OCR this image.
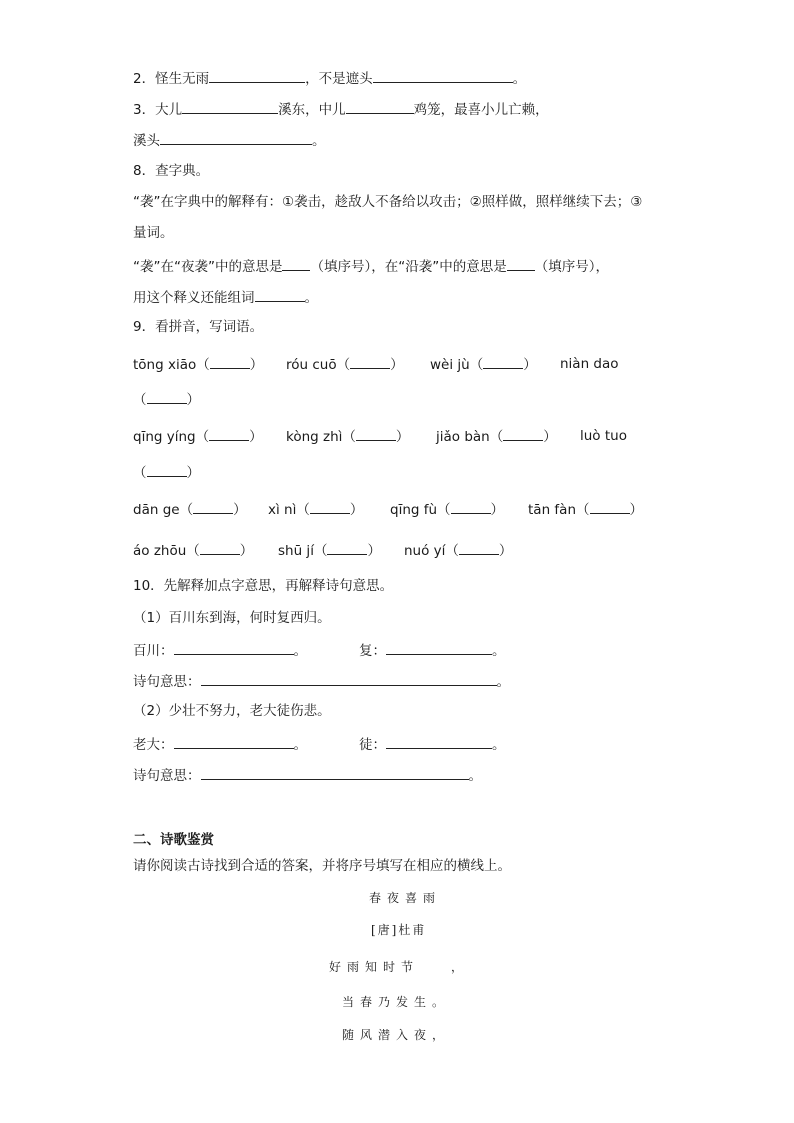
2．怪生无雨	，不是遮头	。
3．大儿	溪东，中儿	鸡笼，最喜小儿亡赖，
溪头	。
8．查字典。
“袭”在字典中的解释有：①袭击，趁敌人不备给以攻击；②照样做，照样继续下去；③
量词。
“袭”在“夜袭”中的意思是 （填序号），在“沿袭”中的意思是 （填序号），
用这个释义还能组词	。
9．看拼音，写词语。
tōng xiāo（	） róu cuō（	） wèi jù（	） niàn dao
（	）
qīng yíng（	） kòng zhì（	） jiǎo bàn（	） luò tuo
（	）
dān ge（	） xì nì（	） qīng fù（	） tān fàn（	）
áo zhōu（	） shū jí（	） nuó yí（	）
10．先解释加点字意思，再解释诗句意思。
（1）百川东到海，何时复西归。
百川：	。	复：	。
诗句意思：	。
（2）少壮不努力，老大徒伤悲。
老大：	。	徒：	。
诗句意思：	。
二、诗歌鉴赏
请你阅读古诗找到合适的答案，并将序号填写在相应的横线上。
春夜喜雨
[唐]杜甫
好雨知时节	，
当春乃发生。
随风潜入夜，
